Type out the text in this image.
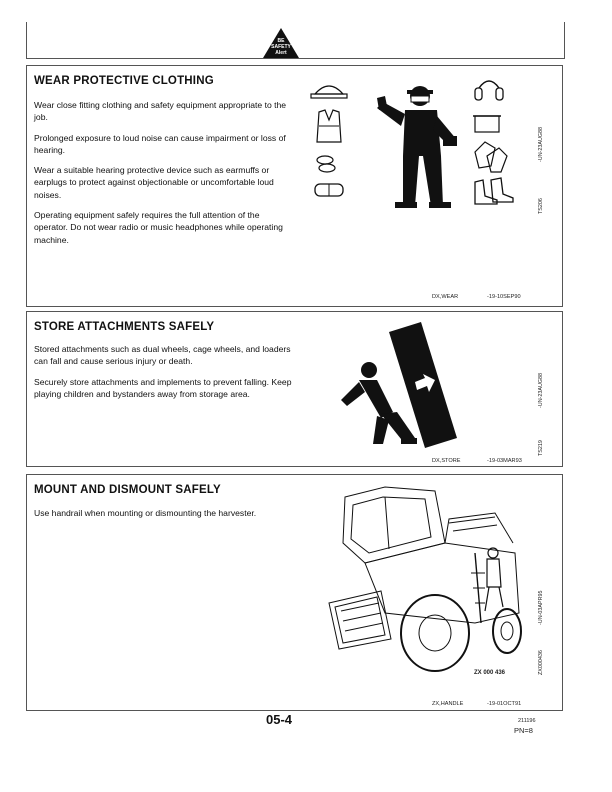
BE
SAFETY
Alert
WEAR PROTECTIVE CLOTHING

Wear close fitting clothing and safety equipment appropriate to the job.

Prolonged exposure to loud noise can cause impairment or loss of hearing.

Wear a suitable hearing protective device such as earmuffs or earplugs to protect against objectionable or uncomfortable loud noises.

Operating equipment safely requires the full attention of the operator. Do not wear radio or music headphones while operating machine.

-UN-23AUG88
TS206
DX,WEAR	-19-10SEP90
STORE ATTACHMENTS SAFELY

Stored attachments such as dual wheels, cage wheels, and loaders can fall and cause serious injury or death.

Securely store attachments and implements to prevent falling. Keep playing children and bystanders away from storage area.	-UN-23AUG88
TS219
DX,STORE	-19-03MAR93
MOUNT AND DISMOUNT SAFELY

Use handrail when mounting or dismounting the harvester.

ZX 000 436
-UN-03APR95
ZX000436
ZX,HANDLE	-19-01OCT91
05-4	211196
PN=8
